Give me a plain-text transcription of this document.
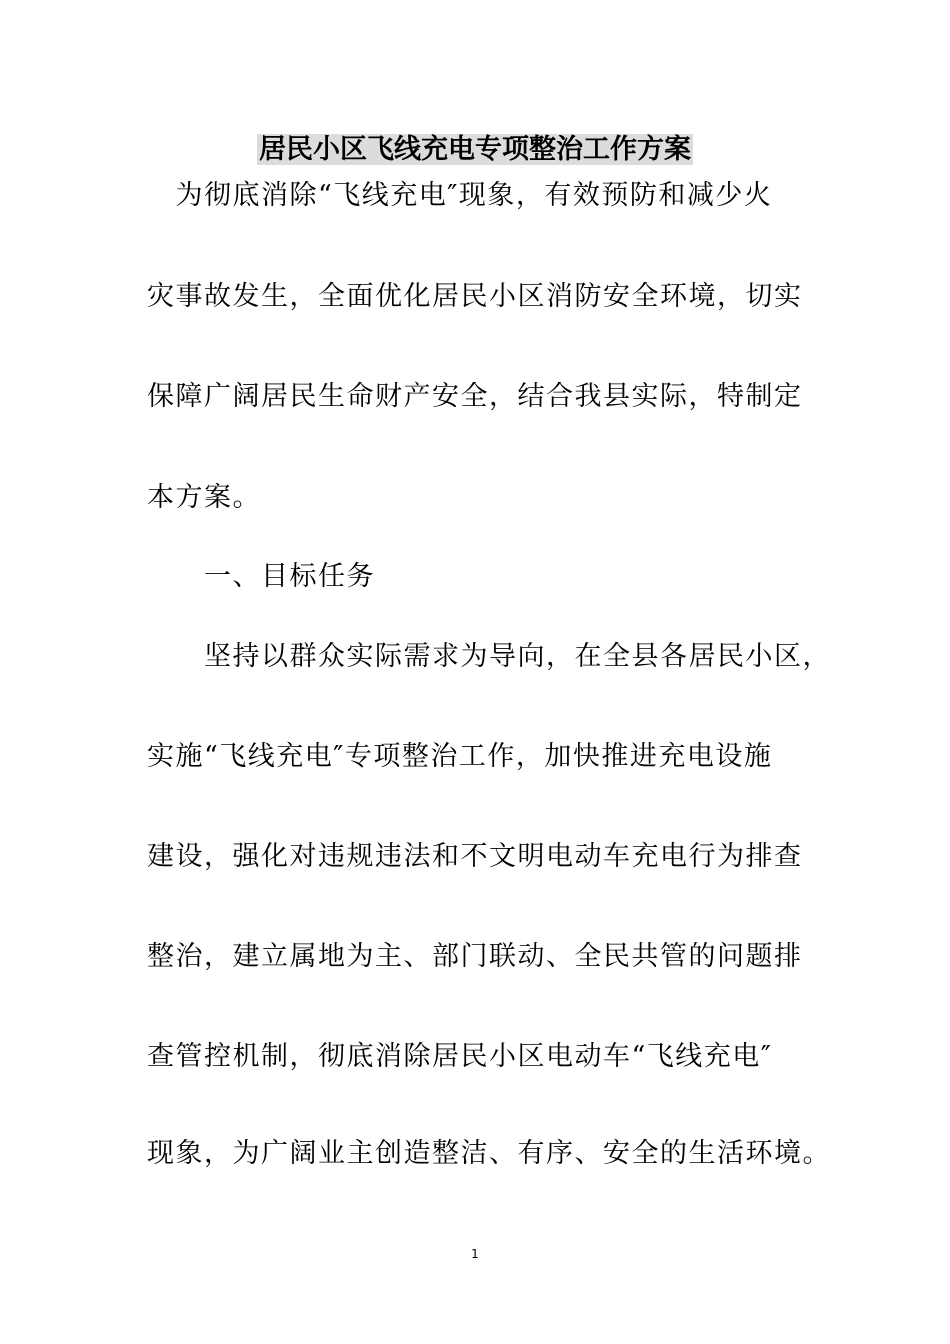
居民小区飞线充电专项整治工作方案
　为彻底消除“飞线充电″现象，有效预防和减少火
灾事故发生，全面优化居民小区消防安全环境，切实
保障广阔居民生命财产安全，结合我县实际，特制定
本方案。
　　一、目标任务
　　坚持以群众实际需求为导向，在全县各居民小区，
实施“飞线充电″专项整治工作，加快推进充电设施
建设，强化对违规违法和不文明电动车充电行为排查
整治，建立属地为主、部门联动、全民共管的问题排
查管控机制，彻底消除居民小区电动车“飞线充电″
现象，为广阔业主创造整洁、有序、安全的生活环境。
1
